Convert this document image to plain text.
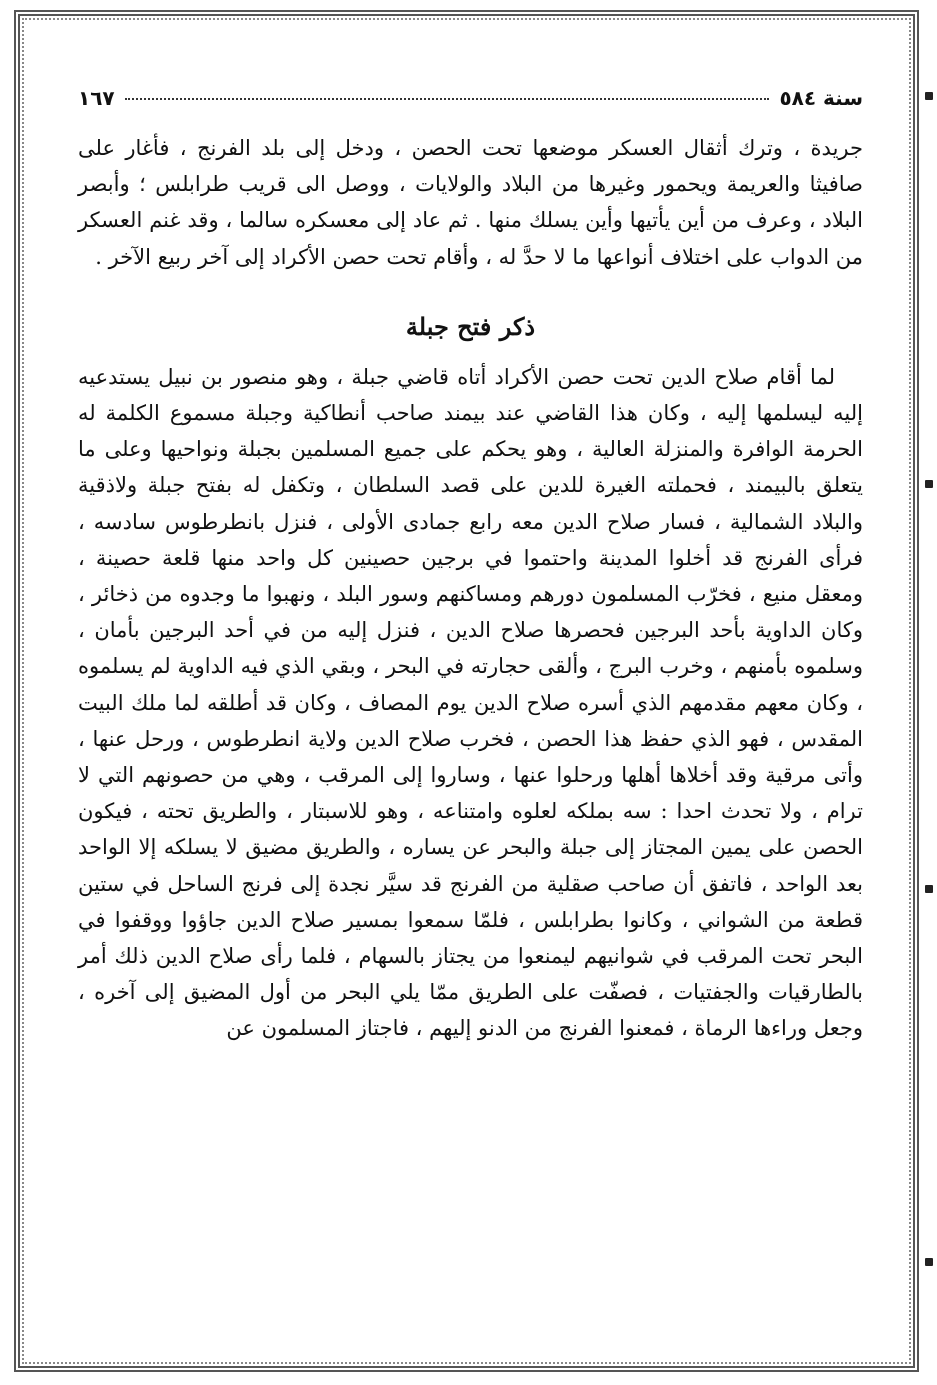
سنة ٥٨٤
١٦٧

جريدة ، وترك أثقال العسكر موضعها تحت الحصن ، ودخل إلى بلد الفرنج ، فأغار على صافيثا والعريمة ويحمور وغيرها من البلاد والولايات ، ووصل الى قريب طرابلس ؛ وأبصر البلاد ، وعرف من أين يأتيها وأين يسلك منها . ثم عاد إلى معسكره سالما ، وقد غنم العسكر من الدواب على اختلاف أنواعها ما لا حدَّ له ، وأقام تحت حصن الأكراد إلى آخر ربيع الآخر .

ذكر فتح جبلة

لما أقام صلاح الدين تحت حصن الأكراد أتاه قاضي جبلة ، وهو منصور بن نبيل يستدعيه إليه ليسلمها إليه ، وكان هذا القاضي عند بيمند صاحب أنطاكية وجبلة مسموع الكلمة له الحرمة الوافرة والمنزلة العالية ، وهو يحكم على جميع المسلمين بجبلة ونواحيها وعلى ما يتعلق بالبيمند ، فحملته الغيرة للدين على قصد السلطان ، وتكفل له بفتح جبلة ولاذقية والبلاد الشمالية ، فسار صلاح الدين معه رابع جمادى الأولى ، فنزل بانطرطوس سادسه ، فرأى الفرنج قد أخلوا المدينة واحتموا في برجين حصينين كل واحد منها قلعة حصينة ، ومعقل منيع ، فخرّب المسلمون دورهم ومساكنهم وسور البلد ، ونهبوا ما وجدوه من ذخائر ، وكان الداوية بأحد البرجين فحصرها صلاح الدين ، فنزل إليه من في أحد البرجين بأمان ، وسلموه بأمنهم ، وخرب البرج ، وألقى حجارته في البحر ، وبقي الذي فيه الداوية لم يسلموه ، وكان معهم مقدمهم الذي أسره صلاح الدين يوم المصاف ، وكان قد أطلقه لما ملك البيت المقدس ، فهو الذي حفظ هذا الحصن ، فخرب صلاح الدين ولاية انطرطوس ، ورحل عنها ، وأتى مرقية وقد أخلاها أهلها ورحلوا عنها ، وساروا إلى المرقب ، وهي من حصونهم التي لا ترام ، ولا تحدث احدا ‏:‏ سه بملكه لعلوه وامتناعه ، وهو للاسبتار ، والطريق تحته ، فيكون الحصن على يمين المجتاز إلى جبلة والبحر عن يساره ، والطريق مضيق لا يسلكه إلا الواحد بعد الواحد ، فاتفق أن صاحب صقلية من الفرنج قد سيَّر نجدة إلى فرنج الساحل في ستين قطعة من الشواني ، وكانوا بطرابلس ، فلمّا سمعوا بمسير صلاح الدين جاؤوا ووقفوا في البحر تحت المرقب في شوانيهم ليمنعوا من يجتاز بالسهام ، فلما رأى صلاح الدين ذلك أمر بالطارقيات والجفتيات ، فصفّت على الطريق ممّا يلي البحر من أول المضيق إلى آخره ، وجعل وراءها الرماة ، فمعنوا الفرنج من الدنو إليهم ، فاجتاز المسلمون عن
